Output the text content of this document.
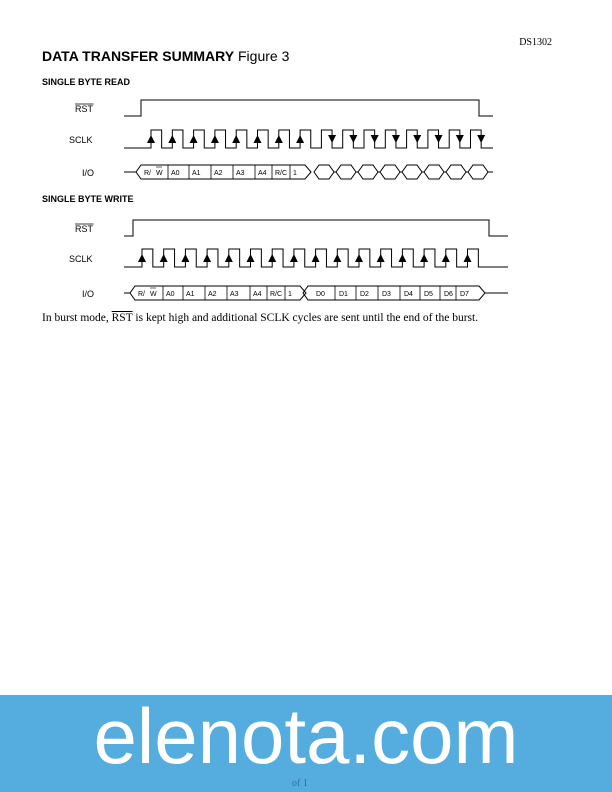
DS1302
DATA TRANSFER SUMMARY Figure 3
SINGLE BYTE READ
SINGLE BYTE WRITE
RST
SCLK
I/O	R/ W A0 A1 A2 A3 A4 R/C 1
RST
SCLK
I/O	R/ W A0 A1 A2 A3 A4 R/C 1	D0 D1 D2 D3 D4 D5 D6 D7
In burst mode, $\overline{RST}$ is kept high and additional SCLK cycles are sent until the end of the burst.
elenota.com
of 1
